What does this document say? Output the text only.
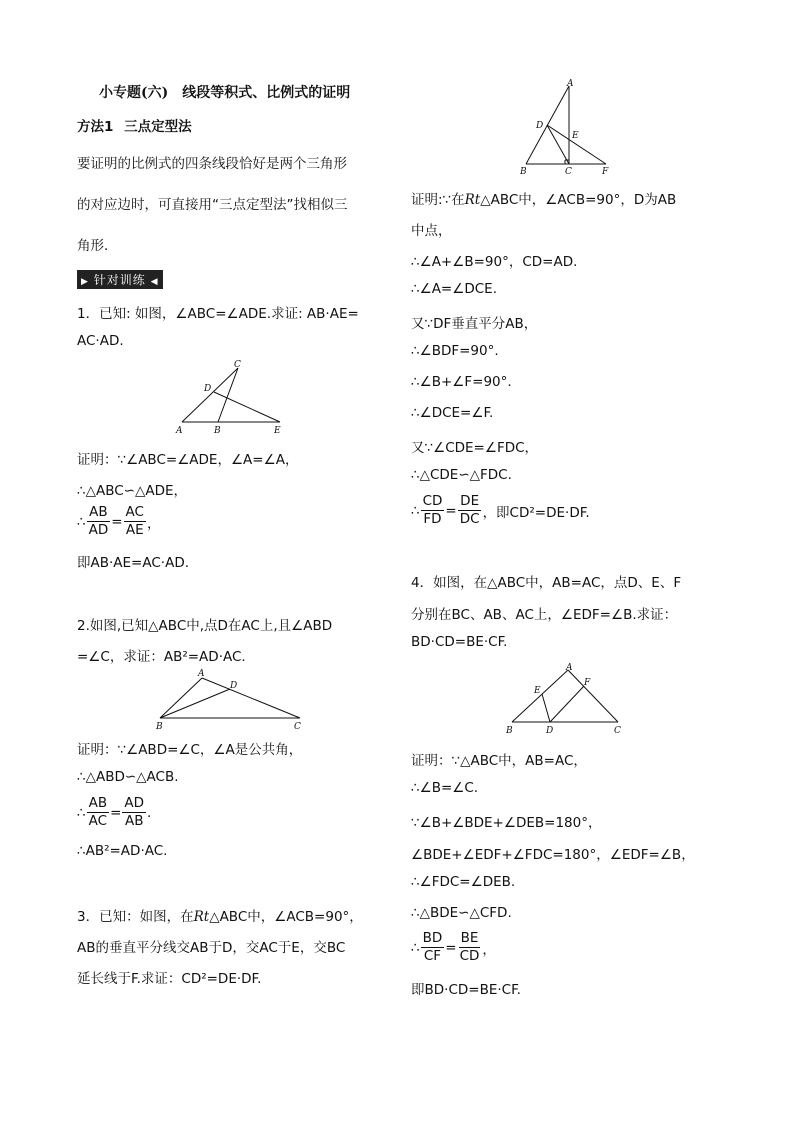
小专题(六)　线段等积式、比例式的证明
方法1 三点定型法
要证明的比例式的四条线段恰好是两个三角形
的对应边时，可直接用“三点定型法”找相似三
角形．
▶ 针对训练 ◀
1．已知: 如图，∠ABC=∠ADE.求证: AB·AE=
AC·AD.
C
D
A	B	E
证明：∵∠ABC=∠ADE，∠A=∠A，
∴△ABC∽△ADE，
∴ $\frac{AB}{AD} = \frac{AC}{AE}$ ，
即AB·AE=AC·AD.
2.如图,已知△ABC中,点D在AC上,且∠ABD
=∠C，求证：AB²=AD·AC.
A
D
B	C
证明：∵∠ABD=∠C，∠A是公共角，
∴△ABD∽△ACB.
∴ $\frac{AB}{AC} = \frac{AD}{AB}$ .
∴AB²=AD·AC.
3．已知：如图，在Rt△ABC中，∠ACB=90°，
AB的垂直平分线交AB于D，交AC于E，交BC
延长线于F.求证：CD²=DE·DF.
A
D
E
B	C	F
证明:∵在Rt△ABC中，∠ACB=90°，D为AB
中点，
∴∠A+∠B=90°，CD=AD.
∴∠A=∠DCE.
又∵DF垂直平分AB，
∴∠BDF=90°.
∴∠B+∠F=90°.
∴∠DCE=∠F.
又∵∠CDE=∠FDC，
∴△CDE∽△FDC.
∴ $\frac{CD}{FD} = \frac{DE}{DC}$ ，即CD²=DE·DF.
4．如图，在△ABC中，AB=AC，点D、E、F
分别在BC、AB、AC上，∠EDF=∠B.求证：
BD·CD=BE·CF.
A
E
F
B	D	C
证明：∵△ABC中，AB=AC，
∴∠B=∠C.
∵∠B+∠BDE+∠DEB=180°，
∠BDE+∠EDF+∠FDC=180°，∠EDF=∠B，
∴∠FDC=∠DEB.
∴△BDE∽△CFD.
∴ $\frac{BD}{CF} = \frac{BE}{CD}$ ，
即BD·CD=BE·CF.
